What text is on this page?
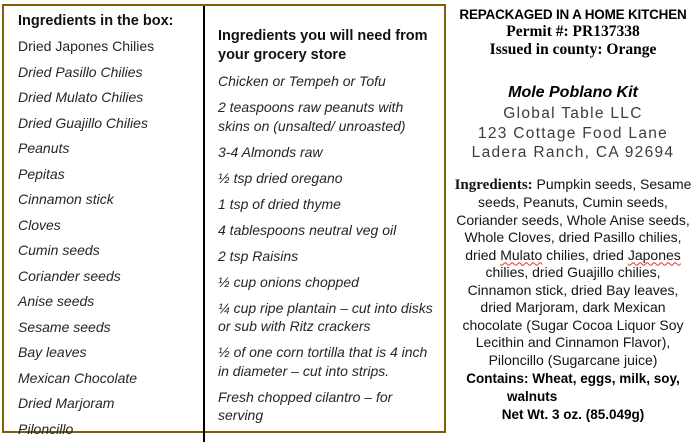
Ingredients in the box:
Dried Japones Chilies
Dried Pasillo Chilies
Dried Mulato Chilies
Dried Guajillo Chilies
Peanuts
Pepitas
Cinnamon stick
Cloves
Cumin seeds
Coriander seeds
Anise seeds
Sesame seeds
Bay leaves
Mexican Chocolate
Dried Marjoram
Piloncillo

Ingredients you will need from your grocery store

Chicken or Tempeh or Tofu

2 teaspoons raw peanuts with skins on (unsalted/ unroasted)

3-4 Almonds raw

½ tsp dried oregano

1 tsp of dried thyme

4 tablespoons neutral veg oil

2 tsp Raisins

½ cup onions chopped

¼ cup ripe plantain – cut into disks or sub with Ritz crackers

½ of one corn tortilla that is 4 inch in diameter – cut into strips.

Fresh chopped cilantro – for serving

REPACKAGED IN A HOME KITCHEN
Permit #: PR137338
Issued in county: Orange
Mole Poblano Kit
Global Table LLC
123 Cottage Food Lane
Ladera Ranch, CA 92694
Ingredients: Pumpkin seeds, Sesame seeds, Peanuts, Cumin seeds, Coriander seeds, Whole Anise seeds, Whole Cloves, dried Pasillo chilies, dried Mulato chilies, dried Japones chilies, dried Guajillo chilies, Cinnamon stick, dried Bay leaves, dried Marjoram, dark Mexican chocolate (Sugar Cocoa Liquor Soy Lecithin and Cinnamon Flavor), Piloncillo (Sugarcane juice)
Contains: Wheat, eggs, milk, soy,
walnuts
Net Wt. 3 oz. (85.049g)
